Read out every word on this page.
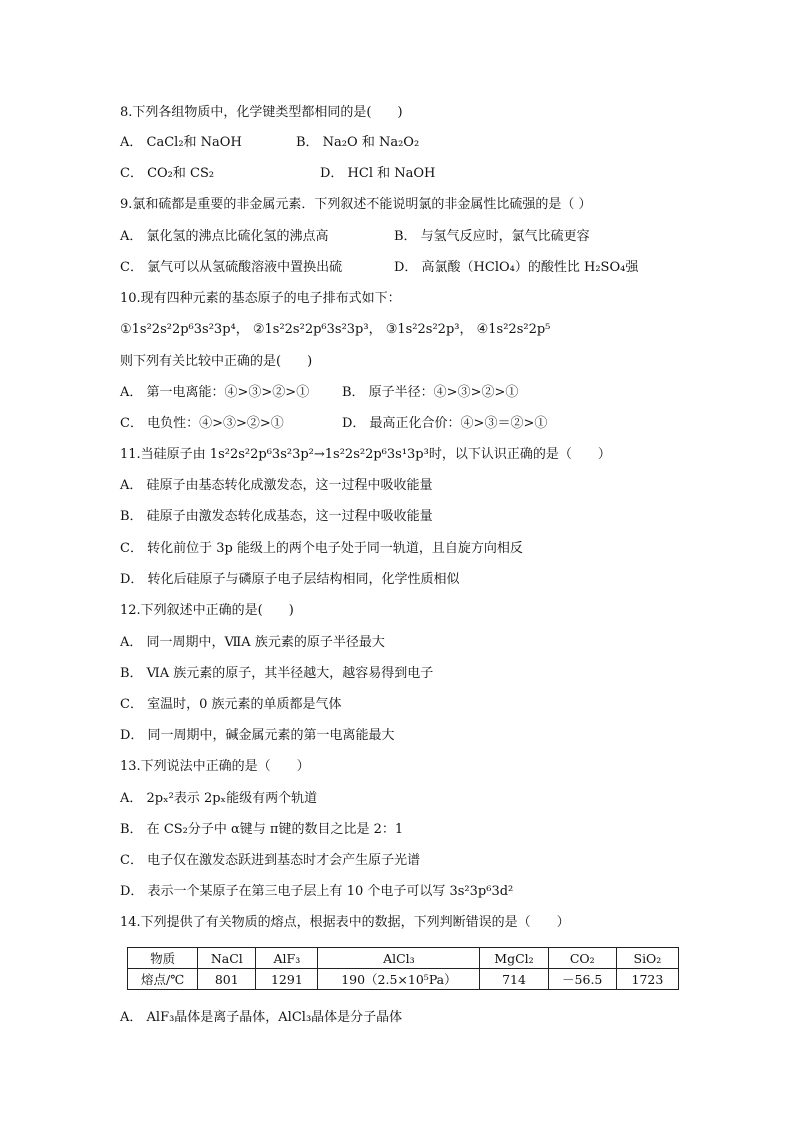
8.下列各组物质中，化学键类型都相同的是(　　)
A． CaCl₂和 NaOH	B． Na₂O 和 Na₂O₂
C． CO₂和 CS₂	D． HCl 和 NaOH
9.氯和硫都是重要的非金属元素．下列叙述不能说明氯的非金属性比硫强的是（ ）
A． 氯化氢的沸点比硫化氢的沸点高	B． 与氢气反应时，氯气比硫更容
C． 氯气可以从氢硫酸溶液中置换出硫	D． 高氯酸（HClO₄）的酸性比 H₂SO₄强
10.现有四种元素的基态原子的电子排布式如下：
①1s²2s²2p⁶3s²3p⁴， ②1s²2s²2p⁶3s²3p³， ③1s²2s²2p³， ④1s²2s²2p⁵
则下列有关比较中正确的是(　　)
A． 第一电离能：④>③>②>①	B． 原子半径：④>③>②>①
C． 电负性：④>③>②>①	D． 最高正化合价：④>③＝②>①
11.当硅原子由 1s²2s²2p⁶3s²3p²→1s²2s²2p⁶3s¹3p³时，以下认识正确的是（　　）
A． 硅原子由基态转化成激发态，这一过程中吸收能量
B． 硅原子由激发态转化成基态，这一过程中吸收能量
C． 转化前位于 3p 能级上的两个电子处于同一轨道，且自旋方向相反
D． 转化后硅原子与磷原子电子层结构相同，化学性质相似
12.下列叙述中正确的是(　　)
A． 同一周期中，ⅦA 族元素的原子半径最大
B． ⅥA 族元素的原子，其半径越大，越容易得到电子
C． 室温时，0 族元素的单质都是气体
D． 同一周期中，碱金属元素的第一电离能最大
13.下列说法中正确的是（　　）
A． 2pₓ²表示 2pₓ能级有两个轨道
B． 在 CS₂分子中 α键与 π键的数目之比是 2：1
C． 电子仅在激发态跃进到基态时才会产生原子光谱
D． 表示一个某原子在第三电子层上有 10 个电子可以写 3s²3p⁶3d²
14.下列提供了有关物质的熔点，根据表中的数据，下列判断错误的是（　　）
物质	NaCl	AlF₃	AlCl₃	MgCl₂	CO₂	SiO₂
熔点/℃	801	1291	190（2.5×10⁵Pa）	714	－56.5	1723
A． AlF₃晶体是离子晶体，AlCl₃晶体是分子晶体
